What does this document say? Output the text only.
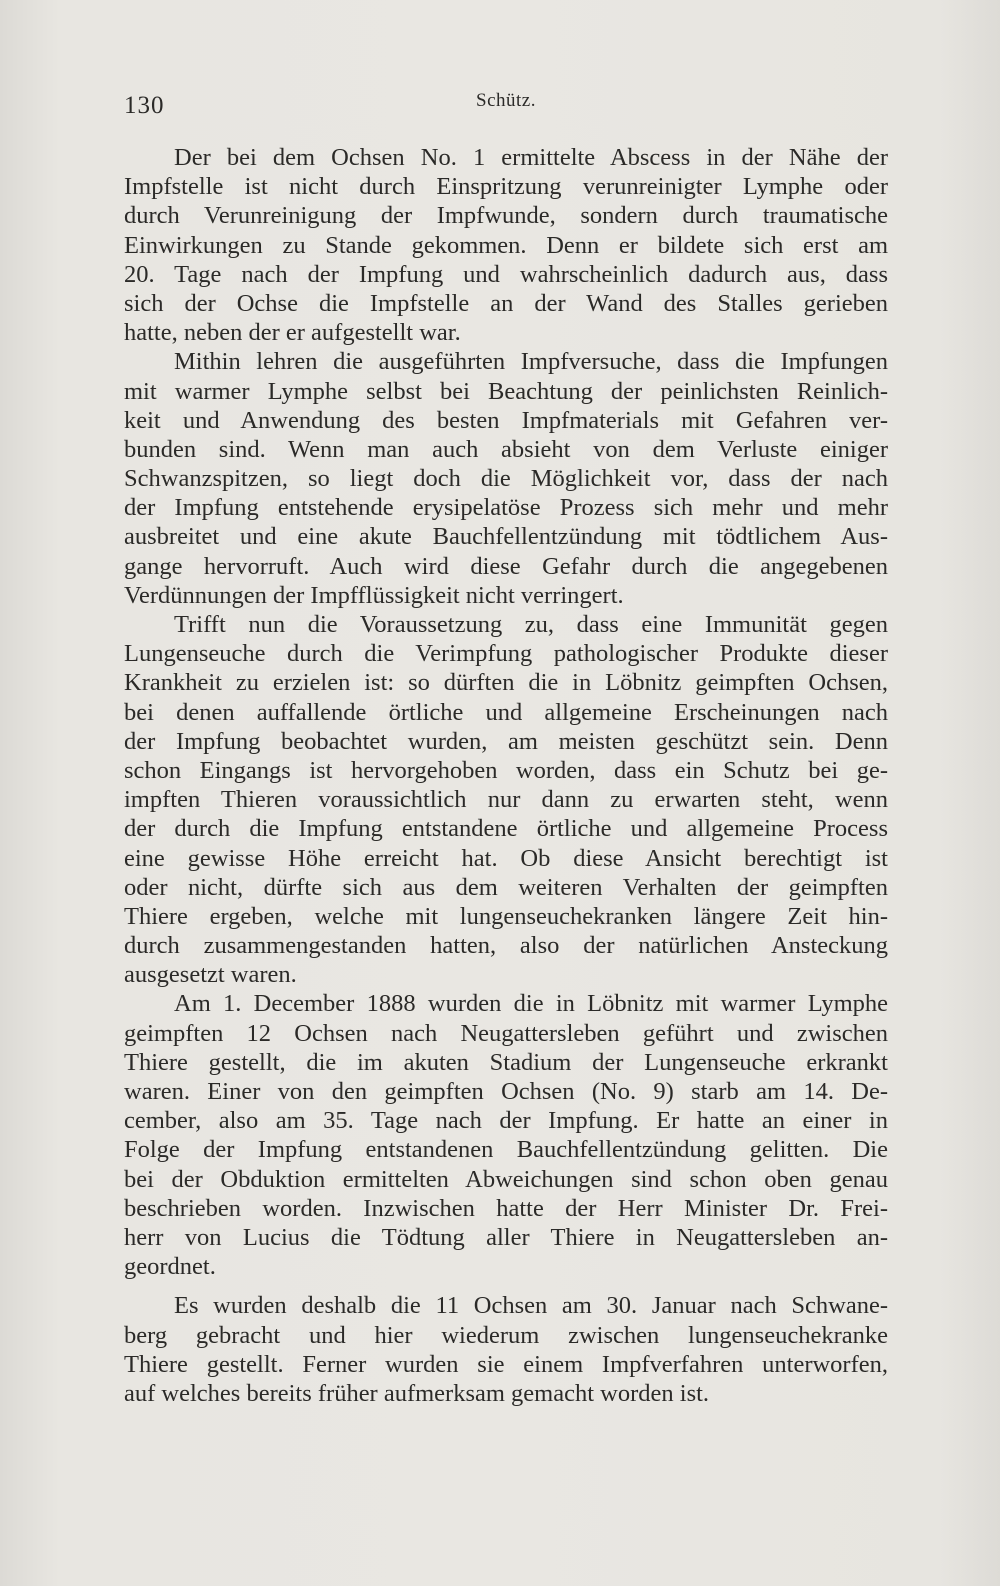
130	Schütz.
Der bei dem Ochsen No. 1 ermittelte Abscess in der Nähe der
Impfstelle ist nicht durch Einspritzung verunreinigter Lymphe oder
durch Verunreinigung der Impfwunde, sondern durch traumatische
Einwirkungen zu Stande gekommen. Denn er bildete sich erst am
20. Tage nach der Impfung und wahrscheinlich dadurch aus, dass
sich der Ochse die Impfstelle an der Wand des Stalles gerieben
hatte, neben der er aufgestellt war.
Mithin lehren die ausgeführten Impfversuche, dass die Impfungen
mit warmer Lymphe selbst bei Beachtung der peinlichsten Reinlich-
keit und Anwendung des besten Impfmaterials mit Gefahren ver-
bunden sind. Wenn man auch absieht von dem Verluste einiger
Schwanzspitzen, so liegt doch die Möglichkeit vor, dass der nach
der Impfung entstehende erysipelatöse Prozess sich mehr und mehr
ausbreitet und eine akute Bauchfellentzündung mit tödtlichem Aus-
gange hervorruft. Auch wird diese Gefahr durch die angegebenen
Verdünnungen der Impfflüssigkeit nicht verringert.
Trifft nun die Voraussetzung zu, dass eine Immunität gegen
Lungenseuche durch die Verimpfung pathologischer Produkte dieser
Krankheit zu erzielen ist: so dürften die in Löbnitz geimpften Ochsen,
bei denen auffallende örtliche und allgemeine Erscheinungen nach
der Impfung beobachtet wurden, am meisten geschützt sein. Denn
schon Eingangs ist hervorgehoben worden, dass ein Schutz bei ge-
impften Thieren voraussichtlich nur dann zu erwarten steht, wenn
der durch die Impfung entstandene örtliche und allgemeine Process
eine gewisse Höhe erreicht hat. Ob diese Ansicht berechtigt ist
oder nicht, dürfte sich aus dem weiteren Verhalten der geimpften
Thiere ergeben, welche mit lungenseuchekranken längere Zeit hin-
durch zusammengestanden hatten, also der natürlichen Ansteckung
ausgesetzt waren.
Am 1. December 1888 wurden die in Löbnitz mit warmer Lymphe
geimpften 12 Ochsen nach Neugattersleben geführt und zwischen
Thiere gestellt, die im akuten Stadium der Lungenseuche erkrankt
waren. Einer von den geimpften Ochsen (No. 9) starb am 14. De-
cember, also am 35. Tage nach der Impfung. Er hatte an einer in
Folge der Impfung entstandenen Bauchfellentzündung gelitten. Die
bei der Obduktion ermittelten Abweichungen sind schon oben genau
beschrieben worden. Inzwischen hatte der Herr Minister Dr. Frei-
herr von Lucius die Tödtung aller Thiere in Neugattersleben an-
geordnet.
Es wurden deshalb die 11 Ochsen am 30. Januar nach Schwane-
berg gebracht und hier wiederum zwischen lungenseuchekranke
Thiere gestellt. Ferner wurden sie einem Impfverfahren unterworfen,
auf welches bereits früher aufmerksam gemacht worden ist.
